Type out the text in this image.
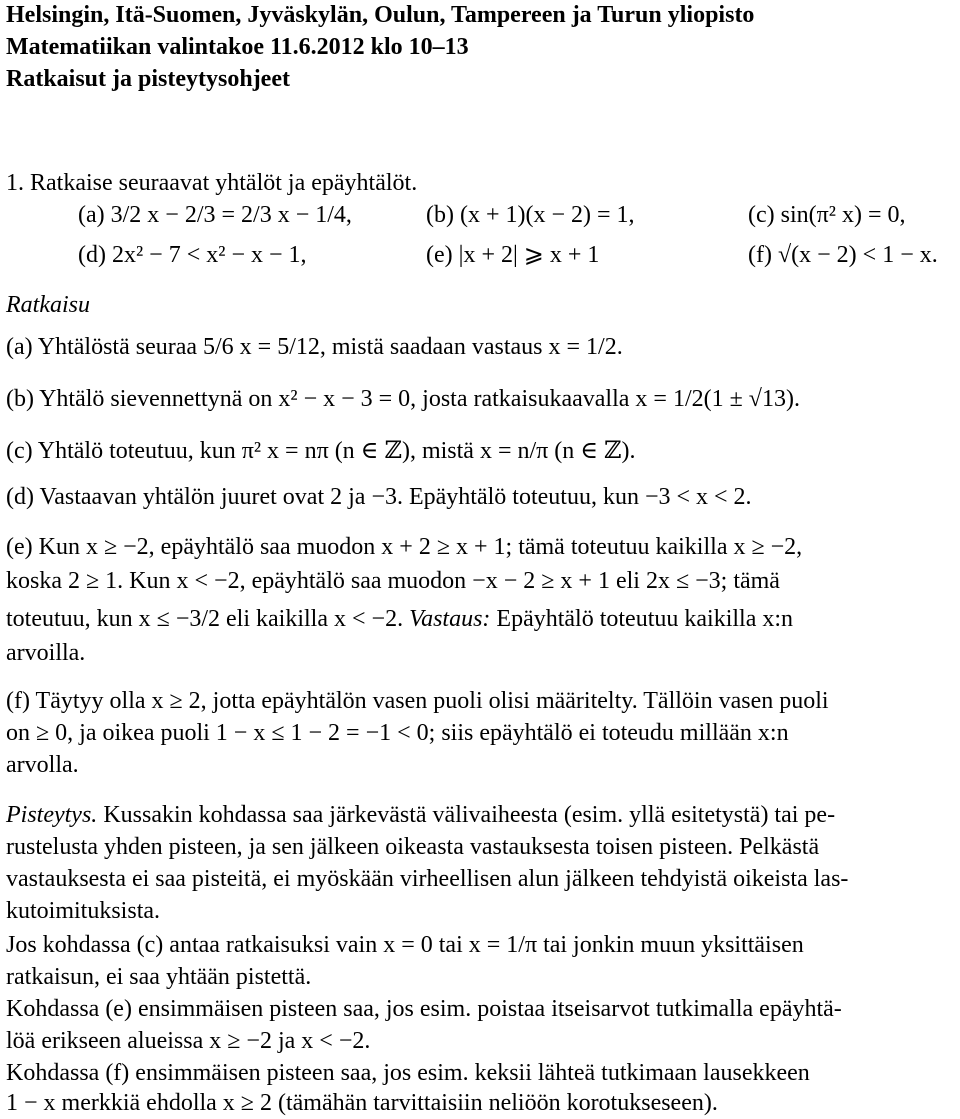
Helsingin, Itä-Suomen, Jyväskylän, Oulun, Tampereen ja Turun yliopisto
Matematiikan valintakoe 11.6.2012 klo 10–13
Ratkaisut ja pisteytysohjeet
1. Ratkaise seuraavat yhtälöt ja epäyhtälöt.
(a) 3/2 x − 2/3 = 2/3 x − 1/4,	(b) (x + 1)(x − 2) = 1,	(c) sin(π² x) = 0,
(d) 2x² − 7 < x² − x − 1,	(e) |x + 2| ⩾ x + 1	(f) √(x − 2) < 1 − x.
Ratkaisu
(a) Yhtälöstä seuraa 5/6 x = 5/12, mistä saadaan vastaus x = 1/2.
(b) Yhtälö sievennettynä on x² − x − 3 = 0, josta ratkaisukaavalla x = 1/2(1 ± √13).
(c) Yhtälö toteutuu, kun π² x = nπ (n ∈ ℤ), mistä x = n/π (n ∈ ℤ).
(d) Vastaavan yhtälön juuret ovat 2 ja −3. Epäyhtälö toteutuu, kun −3 < x < 2.
(e) Kun x ≥ −2, epäyhtälö saa muodon x + 2 ≥ x + 1; tämä toteutuu kaikilla x ≥ −2,
koska 2 ≥ 1. Kun x < −2, epäyhtälö saa muodon −x − 2 ≥ x + 1 eli 2x ≤ −3; tämä
toteutuu, kun x ≤ −3/2 eli kaikilla x < −2. Vastaus: Epäyhtälö toteutuu kaikilla x:n
arvoilla.
(f) Täytyy olla x ≥ 2, jotta epäyhtälön vasen puoli olisi määritelty. Tällöin vasen puoli
on ≥ 0, ja oikea puoli 1 − x ≤ 1 − 2 = −1 < 0; siis epäyhtälö ei toteudu millään x:n
arvolla.
Pisteytys. Kussakin kohdassa saa järkevästä välivaiheesta (esim. yllä esitetystä) tai pe-
rustelusta yhden pisteen, ja sen jälkeen oikeasta vastauksesta toisen pisteen. Pelkästä
vastauksesta ei saa pisteitä, ei myöskään virheellisen alun jälkeen tehdyistä oikeista las-
kutoimituksista.
Jos kohdassa (c) antaa ratkaisuksi vain x = 0 tai x = 1/π tai jonkin muun yksittäisen
ratkaisun, ei saa yhtään pistettä.
Kohdassa (e) ensimmäisen pisteen saa, jos esim. poistaa itseisarvot tutkimalla epäyhtä-
löä erikseen alueissa x ≥ −2 ja x < −2.
Kohdassa (f) ensimmäisen pisteen saa, jos esim. keksii lähteä tutkimaan lausekkeen
1 − x merkkiä ehdolla x ≥ 2 (tämähän tarvittaisiin neliöön korotukseseen).
